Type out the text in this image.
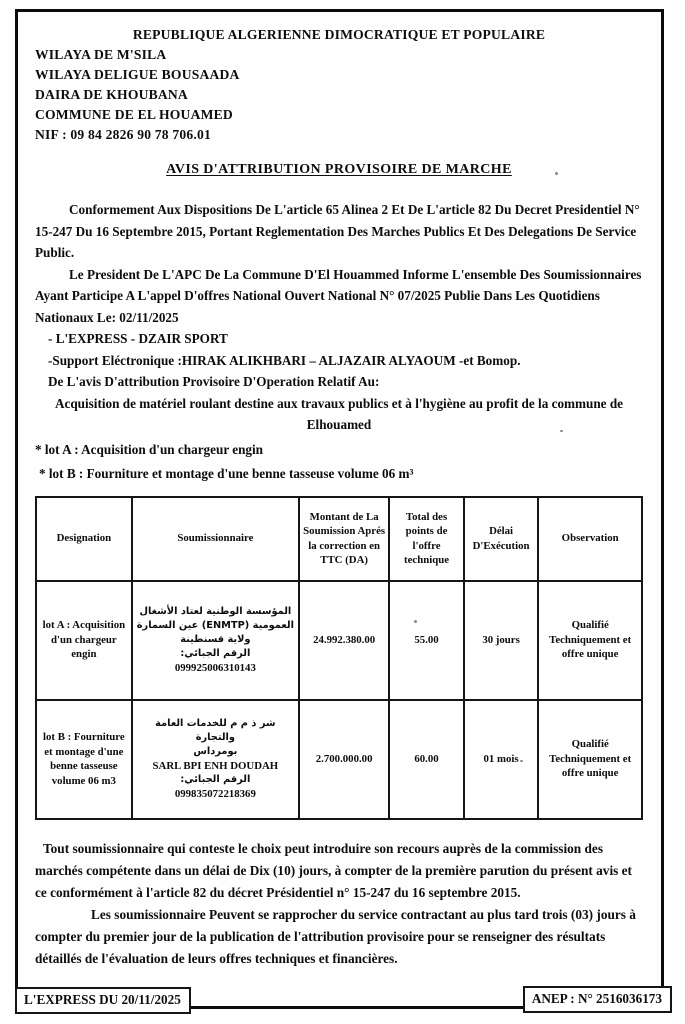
REPUBLIQUE ALGERIENNE DIMOCRATIQUE ET POPULAIRE
WILAYA DE M'SILA
WILAYA DELIGUE BOUSAADA
DAIRA DE KHOUBANA
COMMUNE DE EL HOUAMED
NIF : 09 84 2826 90 78 706.01
AVIS D'ATTRIBUTION PROVISOIRE DE MARCHE

Conformement Aux Dispositions De L'article 65 Alinea 2 Et De L'article 82 Du Decret Presidentiel N° 15-247 Du 16 Septembre 2015, Portant Reglementation Des Marches Publics Et Des Delegations De Service Public.

Le President De L'APC De La Commune D'El Houammed Informe L'ensemble Des Soumissionnaires Ayant Participe A L'appel D'offres National Ouvert National N° 07/2025 Publie Dans Les Quotidiens Nationaux Le: 02/11/2025

- L'EXPRESS - DZAIR SPORT

-Support Eléctronique :HIRAK ALIKHBARI – ALJAZAIR ALYAOUM -et Bomop.

De L'avis D'attribution Provisoire D'Operation Relatif Au:

Acquisition de matériel roulant destine aux travaux publics et à l'hygiène au profit de la commune de Elhouamed

* lot A : Acquisition d'un chargeur engin

* lot B : Fourniture et montage d'une benne tasseuse volume 06 m³

Designation	Soumissionnaire	Montant de La Soumission Aprés la correction en TTC (DA)	Total des points de l'offre technique	Délai D'Exécution	Observation
lot A : Acquisition d'un chargeur engin	المؤسسة الوطنية لعتاد الأشغال
العمومية (ENMTP) عين السمارة
ولاية قسنطينة
الرقم الجبائي:
099925006310143	24.992.380.00	55.00	30 jours	Qualifié Techniquement et offre unique
lot B : Fourniture et montage d'une benne tasseuse volume 06 m3	شر ذ م م للخدمات العامة والتجارة
بومرداس
SARL BPI ENH DOUDAH
الرقم الجبائي:
099835072218369	2.700.000.00	60.00	01 mois	Qualifié Techniquement et offre unique

Tout soumissionnaire qui conteste le choix peut introduire son recours auprès de la commission des marchés compétente dans un délai de Dix (10) jours, à compter de la première parution du présent avis et ce conformément à l'article 82 du décret Présidentiel n° 15-247 du 16 septembre 2015.

Les soumissionnaire Peuvent se rapprocher du service contractant au plus tard trois (03) jours à compter du premier jour de la publication de l'attribution provisoire pour se renseigner des résultats détaillés de l'évaluation de leurs offres techniques et financières.

L'EXPRESS DU 20/11/2025	ANEP : N° 2516036173
